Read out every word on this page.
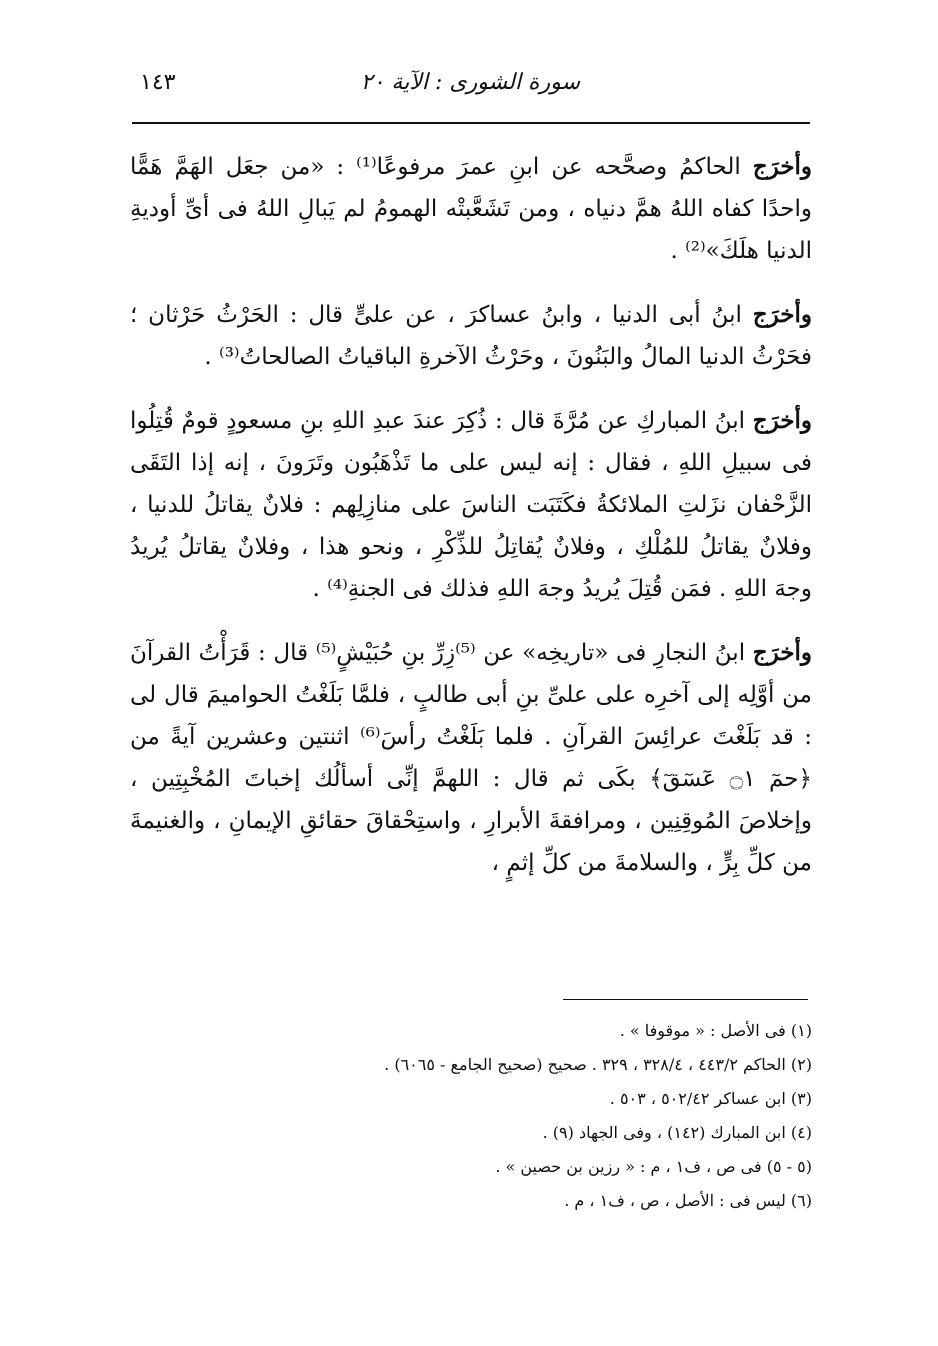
سورة الشورى : الآية ٢٠
١٤٣

وأخرَج الحاكمُ وصحَّحه عن ابنِ عمرَ مرفوعًا⁽¹⁾ : «من جعَل الهَمَّ هَمًّا واحدًا كفاه اللهُ همَّ دنياه ، ومن تَشَعَّبتْه الهمومُ لم يَبالِ اللهُ فى أىِّ أوديةِ الدنيا هلَكَ»⁽²⁾ .

وأخرَج ابنُ أبى الدنيا ، وابنُ عساكرَ ، عن علىٍّ قال : الحَرْثُ حَرْثان ؛ فحَرْثُ الدنيا المالُ والبَنُونَ ، وحَرْثُ الآخرةِ الباقياتُ الصالحاتُ⁽³⁾ .

وأخرَج ابنُ المباركِ عن مُرَّةَ قال : ذُكِرَ عندَ عبدِ اللهِ بنِ مسعودٍ قومٌ قُتِلُوا فى سبيلِ اللهِ ، فقال : إنه ليس على ما تَذْهَبُون وتَرَونَ ، إنه إذا التَقَى الزَّحْفان نزَلتِ الملائكةُ فكَتَبَت الناسَ على منازِلِهم : فلانٌ يقاتلُ للدنيا ، وفلانٌ يقاتلُ للمُلْكِ ، وفلانٌ يُقاتِلُ للذِّكْرِ ، ونحو هذا ، وفلانٌ يقاتلُ يُريدُ وجهَ اللهِ . فمَن قُتِلَ يُريدُ وجهَ اللهِ فذلك فى الجنةِ⁽⁴⁾ .

وأخرَج ابنُ النجارِ فى «تاريخِه» عن ⁽⁵⁾زِرِّ بنِ حُبَيْشٍ⁽⁵⁾ قال : قَرَأْتُ القرآنَ من أوَّلِه إلى آخرِه على علىِّ بنِ أبى طالبٍ ، فلمَّا بَلَغْتُ الحواميمَ قال لى : قد بَلَغْتَ عرائِسَ القرآنِ . فلما بَلَغْتُ رأسَ⁽⁶⁾ اثنتين وعشرين آيةً من ﴿حمٓ ۝١ عٓسٓقٓ﴾ بكَى ثم قال : اللهمَّ إنِّى أسألُك إخباتَ المُخْبِتِين ، وإخلاصَ المُوقِنِين ، ومرافقةَ الأبرارِ ، واستِحْقاقَ حقائقِ الإيمانِ ، والغنيمةَ من كلِّ بِرٍّ ، والسلامةَ من كلِّ إثمٍ ،

(١) فى الأصل : « موقوفا » .

(٢) الحاكم ٤٤٣/٢ ، ٣٢٨/٤ ، ٣٢٩ . صحيح (صحيح الجامع - ٦٠٦٥) .

(٣) ابن عساكر ٥٠٢/٤٢ ، ٥٠٣ .

(٤) ابن المبارك (١٤٢) ، وفى الجهاد (٩) .

(٥ - ٥) فى ص ، ف١ ، م : « رزين بن حصين » .

(٦) ليس فى : الأصل ، ص ، ف١ ، م .
